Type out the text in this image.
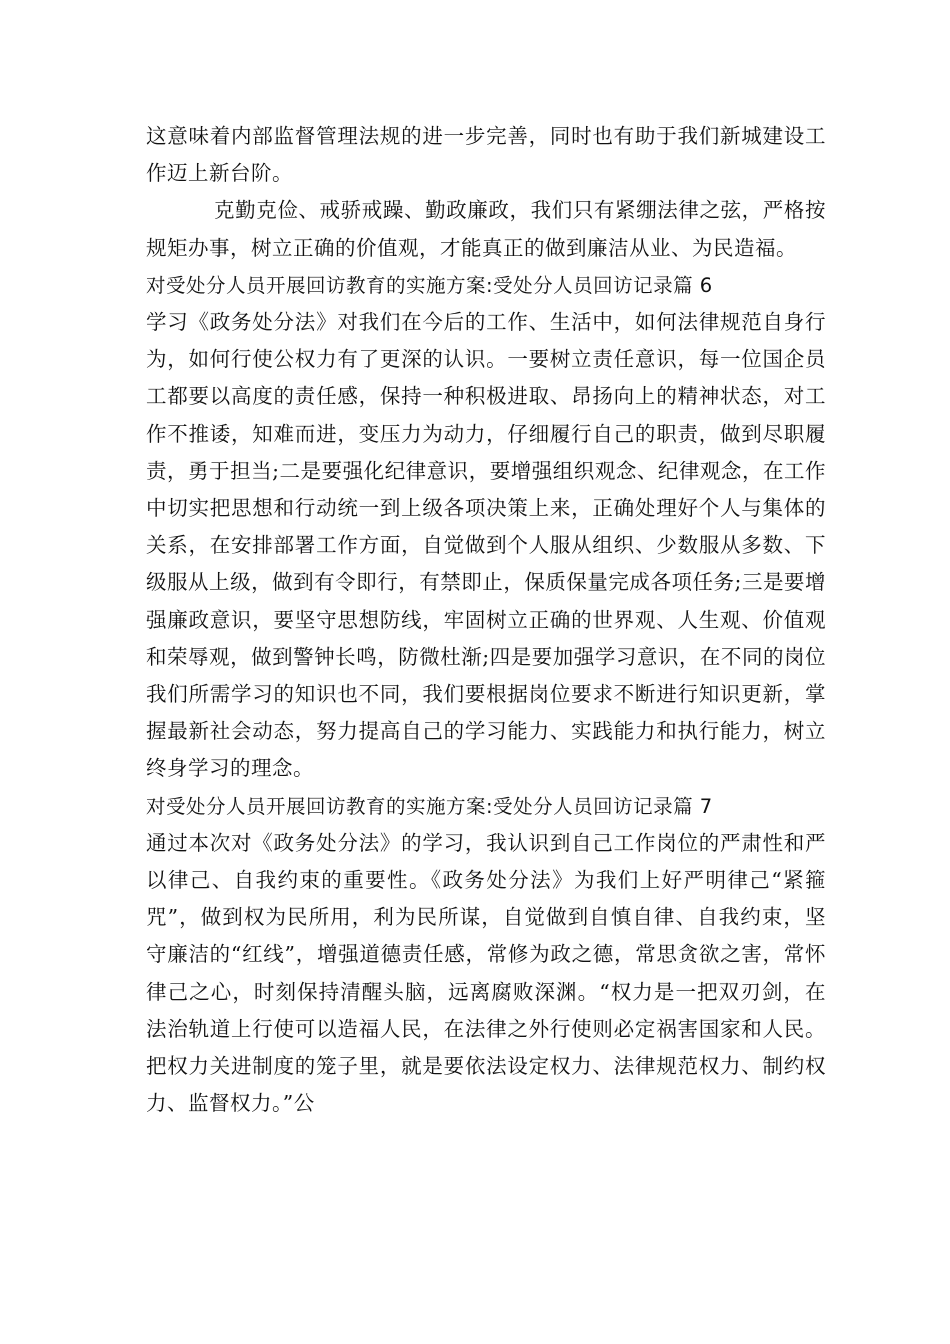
这意味着内部监督管理法规的进一步完善，同时也有助于我们新城建设工作迈上新台阶。

克勤克俭、戒骄戒躁、勤政廉政，我们只有紧绷法律之弦，严格按规矩办事，树立正确的价值观，才能真正的做到廉洁从业、为民造福。

对受处分人员开展回访教育的实施方案:受处分人员回访记录篇 6

学习《政务处分法》对我们在今后的工作、生活中，如何法律规范自身行为，如何行使公权力有了更深的认识。一要树立责任意识，每一位国企员工都要以高度的责任感，保持一种积极进取、昂扬向上的精神状态，对工作不推诿，知难而进，变压力为动力，仔细履行自己的职责，做到尽职履责，勇于担当;二是要强化纪律意识，要增强组织观念、纪律观念，在工作中切实把思想和行动统一到上级各项决策上来，正确处理好个人与集体的关系，在安排部署工作方面，自觉做到个人服从组织、少数服从多数、下级服从上级，做到有令即行，有禁即止，保质保量完成各项任务;三是要增强廉政意识，要坚守思想防线，牢固树立正确的世界观、人生观、价值观和荣辱观，做到警钟长鸣，防微杜渐;四是要加强学习意识，在不同的岗位我们所需学习的知识也不同，我们要根据岗位要求不断进行知识更新，掌握最新社会动态，努力提高自己的学习能力、实践能力和执行能力，树立终身学习的理念。

对受处分人员开展回访教育的实施方案:受处分人员回访记录篇 7

通过本次对《政务处分法》的学习，我认识到自己工作岗位的严肃性和严以律己、自我约束的重要性。《政务处分法》为我们上好严明律己“紧箍咒”，做到权为民所用，利为民所谋，自觉做到自慎自律、自我约束，坚守廉洁的“红线”，增强道德责任感，常修为政之德，常思贪欲之害，常怀律己之心，时刻保持清醒头脑，远离腐败深渊。“权力是一把双刃剑，在法治轨道上行使可以造福人民，在法律之外行使则必定祸害国家和人民。把权力关进制度的笼子里，就是要依法设定权力、法律规范权力、制约权力、监督权力。”公
